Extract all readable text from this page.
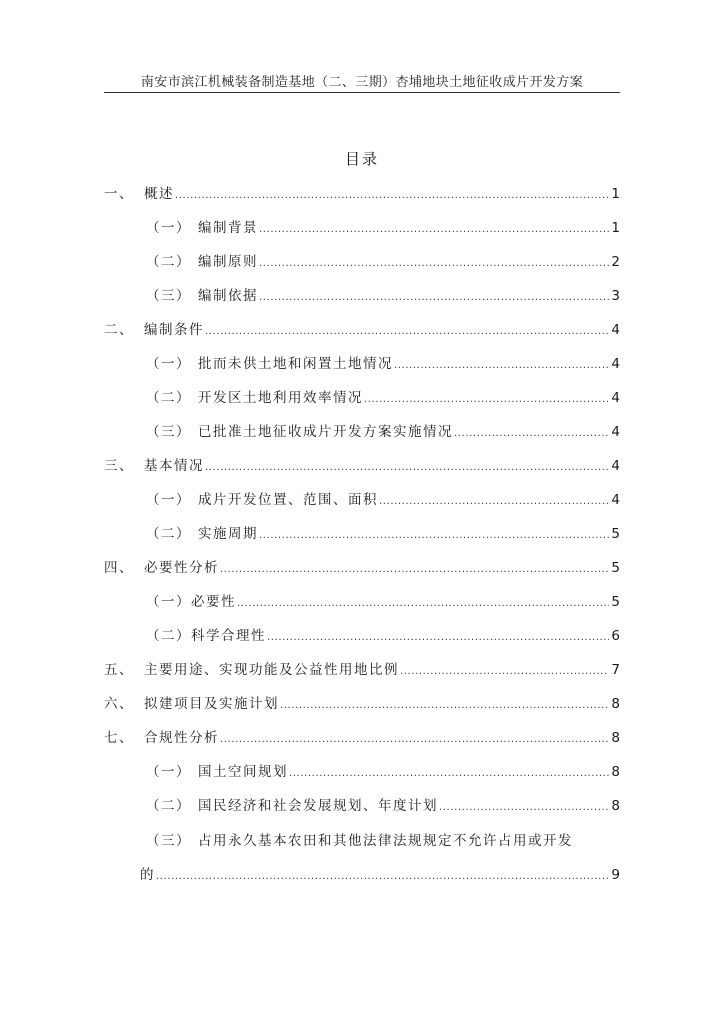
南安市滨江机械装备制造基地（二、三期）杏埔地块土地征收成片开发方案
目录
一、 概述 .....	1
（一） 编制背景 .....	1
（二） 编制原则 .....	2
（三） 编制依据 .....	3
二、 编制条件 .....	4
（一） 批而未供土地和闲置土地情况 .....	4
（二） 开发区土地利用效率情况 .....	4
（三） 已批准土地征收成片开发方案实施情况 .....	4
三、 基本情况 .....	4
（一） 成片开发位置、范围、面积 .....	4
（二） 实施周期 .....	5
四、 必要性分析 .....	5
（一） 必要性 .....	5
（二） 科学合理性 .....	6
五、 主要用途、实现功能及公益性用地比例 .....	7
六、 拟建项目及实施计划 .....	8
七、 合规性分析 .....	8
（一） 国土空间规划 .....	8
（二） 国民经济和社会发展规划、年度计划 .....	8
（三） 占用永久基本农田和其他法律法规规定不允许占用或开发
的 .....	9
